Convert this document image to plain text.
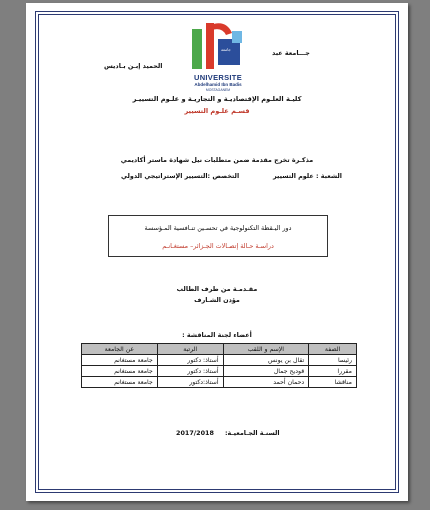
جـــامعة عبد
الحميد إبـن بـاديس
جامعة
UNIVERSITE
Abdelhamid Ibn Badis
MOSTAGANEM
كليـة العلـوم الإقتصاديـة و التجاريـة و علـوم التسييـر
قسـم علـوم التسيير
مذكـرة تخرج مقدمة ضمن متطلبات نيل شهادة ماستر أكاديمي
الشعبة : علوم التسيير
التخصص :التسيير الإستراتيجي الدولي
دور اليـقظة التكنولوجية في تحسـين تنـافسية المـؤسسة
دراسـة حـالة إتصـالات الجـزائر– مستغـانـم
مقـدمـة من طرف الطالب
مؤدن الشـارف
أعضاء لجنة المناقشة :
الصفة	الإسم و اللقب	الرتبة	عن الجامعة
رئيسا	تقال بن يونس	أستاذ: دكتور	جامعة مستغانم
مقررا	قوديح جمال	أستاذ: دكتور	جامعة مستغانم
مناقشا	دحمان أحمد	أستاذ:دكتور	جامعة مستغانم
السنـة الجـامعيـة:
2017/2018
